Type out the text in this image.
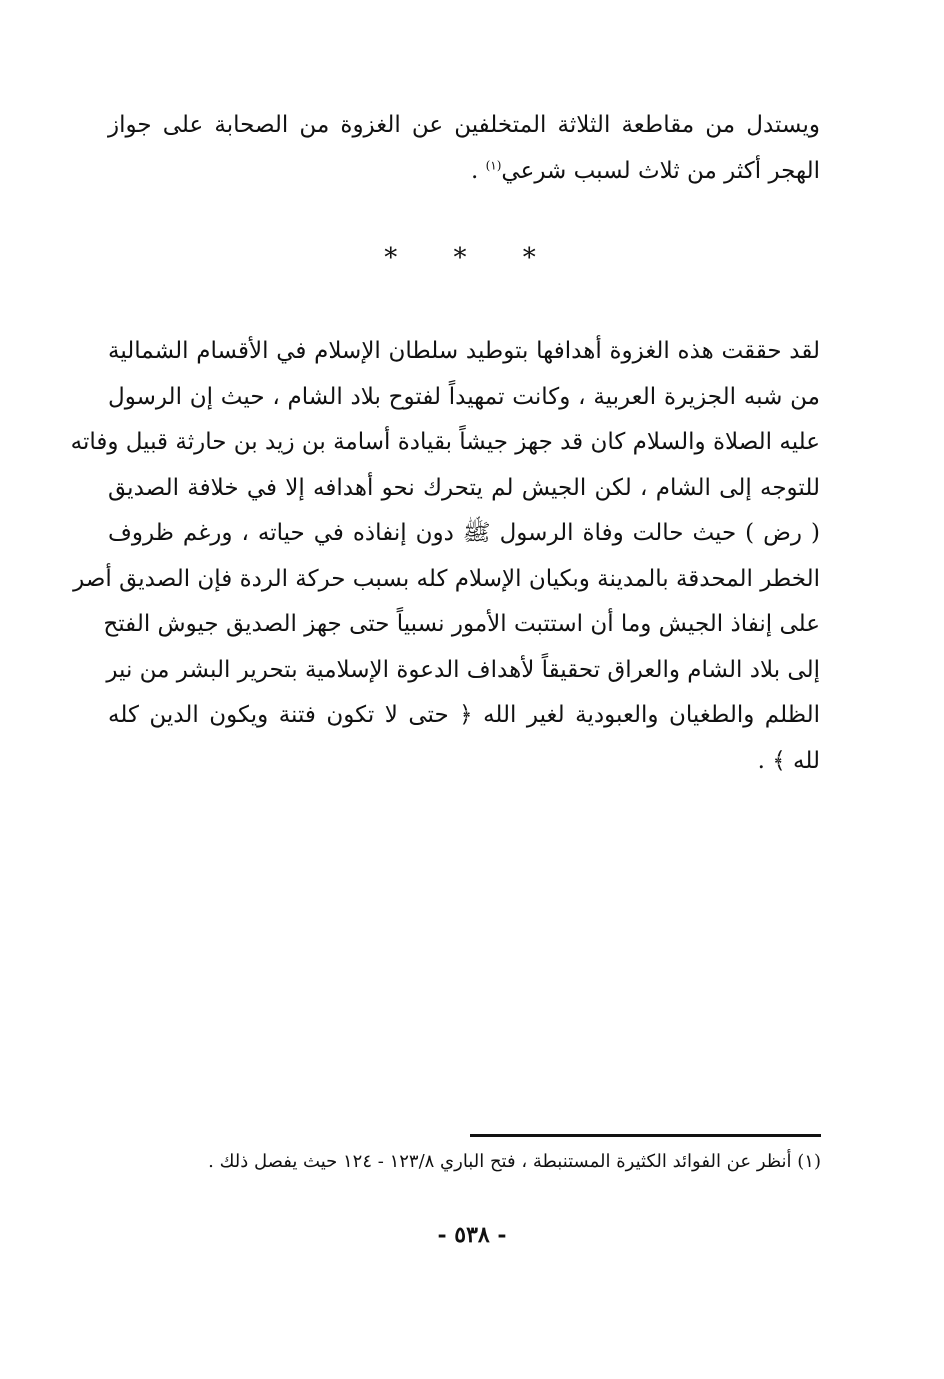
ويستدل من مقاطعة الثلاثة المتخلفين عن الغزوة من الصحابة على جواز
الهجر أكثر من ثلاث لسبب شرعي$^{(١)}$ .
* * *
لقد حققت هذه الغزوة أهدافها بتوطيد سلطان الإسلام في الأقسام الشمالية
من شبه الجزيرة العربية ، وكانت تمهيداً لفتوح بلاد الشام ، حيث إن الرسول
عليه الصلاة والسلام كان قد جهز جيشاً بقيادة أسامة بن زيد بن حارثة قبيل وفاته
للتوجه إلى الشام ، لكن الجيش لم يتحرك نحو أهدافه إلا في خلافة الصديق
( رض ) حيث حالت وفاة الرسول ﷺ دون إنفاذه في حياته ، ورغم ظروف
الخطر المحدقة بالمدينة وبكيان الإسلام كله بسبب حركة الردة فإن الصديق أصر
على إنفاذ الجيش وما أن استتبت الأمور نسبياً حتى جهز الصديق جيوش الفتح
إلى بلاد الشام والعراق تحقيقاً لأهداف الدعوة الإسلامية بتحرير البشر من نير
الظلم والطغيان والعبودية لغير الله ﴿ حتى لا تكون فتنة ويكون الدين كله
لله ﴾ .
(١) أنظر عن الفوائد الكثيرة المستنبطة ، فتح الباري ١٢٣/٨ - ١٢٤ حيث يفصل ذلك .
- ٥٣٨ -
